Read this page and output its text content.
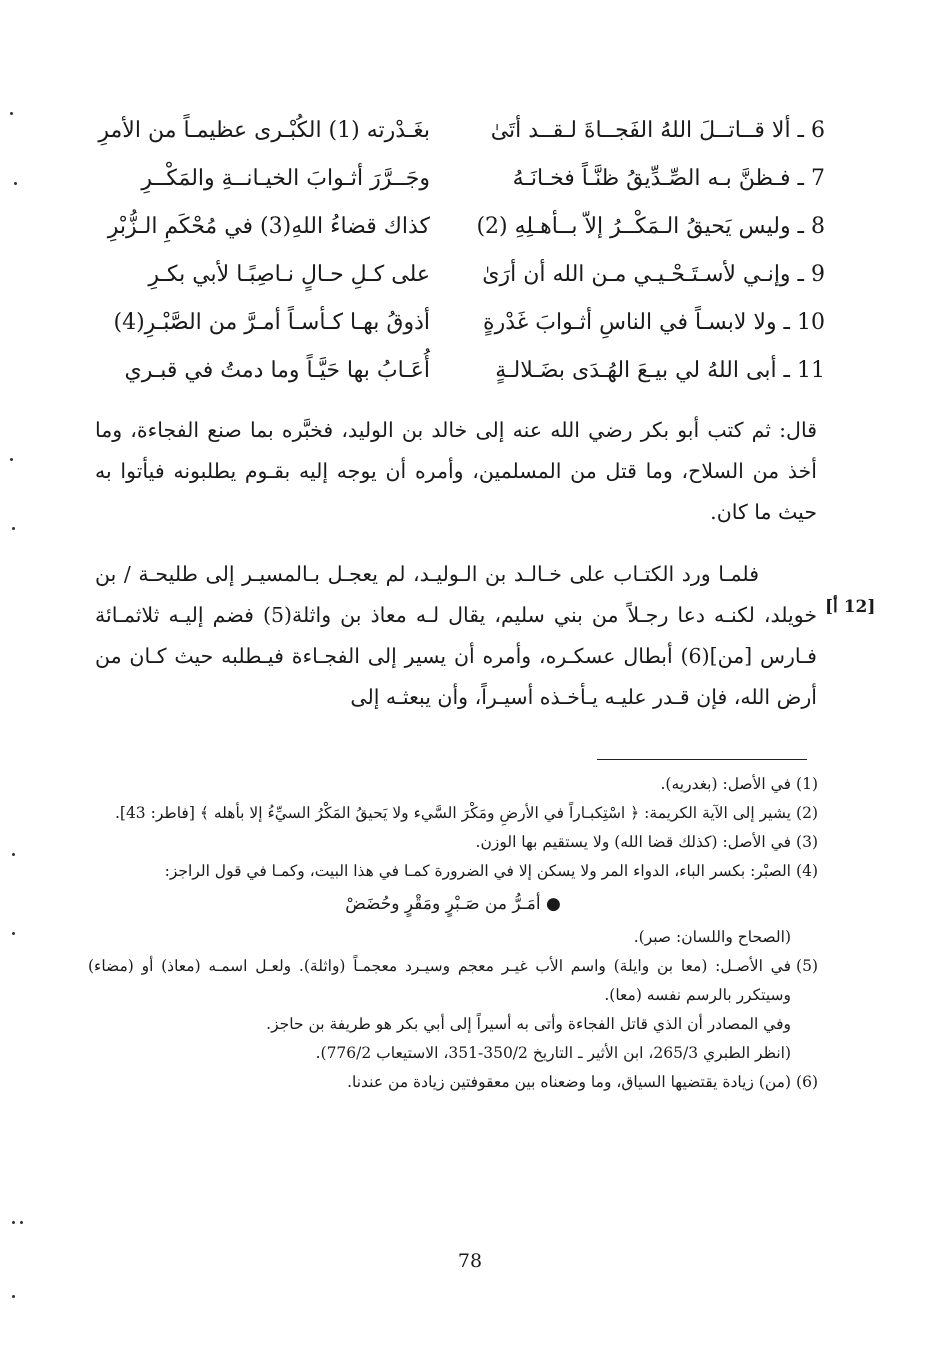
6 ـ ألا قــاتــلَ اللهُ الفَجــاةَ لـقــد أتَىٰ
بغَـدْرته (1) الكُبْـرى عظيمـاً من الأمرِ
7 ـ فـظنَّ بـه الصِّـدِّيقُ ظنَّـاً فخـانَـهُ
وجَــرَّرَ أثـوابَ الخيـانــةِ والمَكْــرِ
8 ـ وليس يَحيقُ الـمَكْــرُ إلاّ بــأهـلِهِ (2)
كذاك قضاءُ اللهِ(3) في مُحْكَمِ الـزُّبْرِ
9 ـ وإنـي لأسـتَـحْـيـي مـن الله أن أرَىٰ
على كـلِ حـالٍ نـاصِبًـا لأبي بكـرِ
10 ـ ولا لابسـاً في الناسِ أثـوابَ غَدْرةٍ
أذوقُ بهـا كـأسـاً أمـرَّ من الصَّبْـرِ(4)
11 ـ أبى اللهُ لي بيـعَ الهُـدَى بضَـلالـةٍ
أُعَـابُ بها حَيَّـاً وما دمتُ في قبـري

قال: ثم كتب أبو بكر رضي الله عنه إلى خالد بن الوليد، فخبَّره بما صنع الفجاءة، وما أخذ من السلاح، وما قتل من المسلمين، وأمره أن يوجه إليه بقـوم يطلبونه فيأتوا به حيث ما كان.

فلمـا ورد الكتـاب على خـالـد بن الـوليـد، لم يعجـل بـالمسيـر إلى طليحـة / بن خويلد، لكنـه دعا رجـلاً من بني سليم، يقال لـه معاذ بن واثلة(5) فضم إليـه ثلاثمـائة فـارس [من](6) أبطال عسكـره، وأمره أن يسير إلى الفجـاءة فيـطلبه حيث كـان من أرض الله، فإن قـدر عليـه يـأخـذه أسيـراً، وأن يبعثـه إلى

[12 أ]
(1)
في الأصل: (بغدريه).
(2)
يشير إلى الآية الكريمة: ﴿ اسْتِكبـاراً في الأرضِ ومَكْرَ السَّيء ولا يَحيقُ المَكْرُ السيِّءُ إلا بأهله ﴾ [فاطر: 43].
(3)
في الأصل: (كذلك قضا الله) ولا يستقيم بها الوزن.
(4)
الصبْر: بكسر الباء، الدواء المر ولا يسكن إلا في الضرورة كمـا في هذا البيت، وكمـا في قول الراجز:
● أمَـرُّ من صَـبْرٍ ومَقْرٍ وحُضَضْ
(الصحاح واللسان: صبر).
(5)
في الأصـل: (معا بن وايلة) واسم الأب غيـر معجم وسيـرد معجمـاً (واثلة). ولعـل اسمـه (معاذ) أو (مضاء) وسيتكرر بالرسم نفسه (معا).
وفي المصادر أن الذي قاتل الفجاءة وأتى به أسيراً إلى أبي بكر هو طريفة بن حاجز.
(انظر الطبري 265/3، ابن الأثير ـ التاريخ 350/2-351، الاستيعاب 776/2).
(6)
(من) زيادة يقتضيها السياق، وما وضعناه بين معقوفتين زيادة من عندنا.
78
